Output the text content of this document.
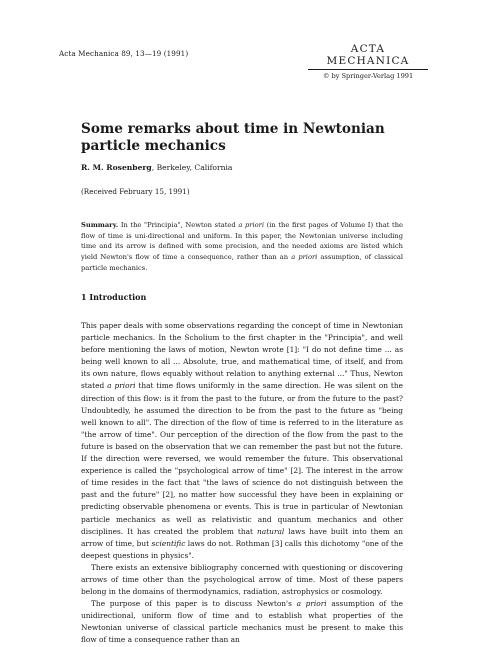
Acta Mechanica 89, 13—19 (1991)	ACTA MECHANICA
© by Springer-Verlag 1991
Some remarks about time in Newtonian particle mechanics
R. M. Rosenberg, Berkeley, California
(Received February 15, 1991)

Summary. In the "Principia", Newton stated a priori (in the first pages of Volume I) that the flow of time is uni-directional and uniform. In this paper, the Newtonian universe including time and its arrow is defined with some precision, and the needed axioms are listed which yield Newton's flow of time a consequence, rather than an a priori assumption, of classical particle mechanics.

1 Introduction

This paper deals with some observations regarding the concept of time in Newtonian particle mechanics. In the Scholium to the first chapter in the "Principia", and well before mentioning the laws of motion, Newton wrote [1]: "I do not define time ... as being well known to all ... Absolute, true, and mathematical time, of itself, and from its own nature, flows equably without relation to anything external ..." Thus, Newton stated a priori that time flows uniformly in the same direction. He was silent on the direction of this flow: is it from the past to the future, or from the future to the past? Undoubtedly, he assumed the direction to be from the past to the future as "being well known to all". The direction of the flow of time is referred to in the literature as "the arrow of time". Our perception of the direction of the flow from the past to the future is based on the observation that we can remember the past but not the future. If the direction were reversed, we would remember the future. This observational experience is called the "psychological arrow of time" [2]. The interest in the arrow of time resides in the fact that "the laws of science do not distinguish between the past and the future" [2], no matter how successful they have been in explaining or predicting observable phenomena or events. This is true in particular of Newtonian particle mechanics as well as relativistic and quantum mechanics and other disciplines. It has created the problem that natural laws have built into them an arrow of time, but scientific laws do not. Rothman [3] calls this dichotomy "one of the deepest questions in physics".

There exists an extensive bibliography concerned with questioning or discovering arrows of time other than the psychological arrow of time. Most of these papers belong in the domains of thermodynamics, radiation, astrophysics or cosmology.

The purpose of this paper is to discuss Newton's a priori assumption of the unidirectional, uniform flow of time and to establish what properties of the Newtonian universe of classical particle mechanics must be present to make this flow of time a consequence rather than an
